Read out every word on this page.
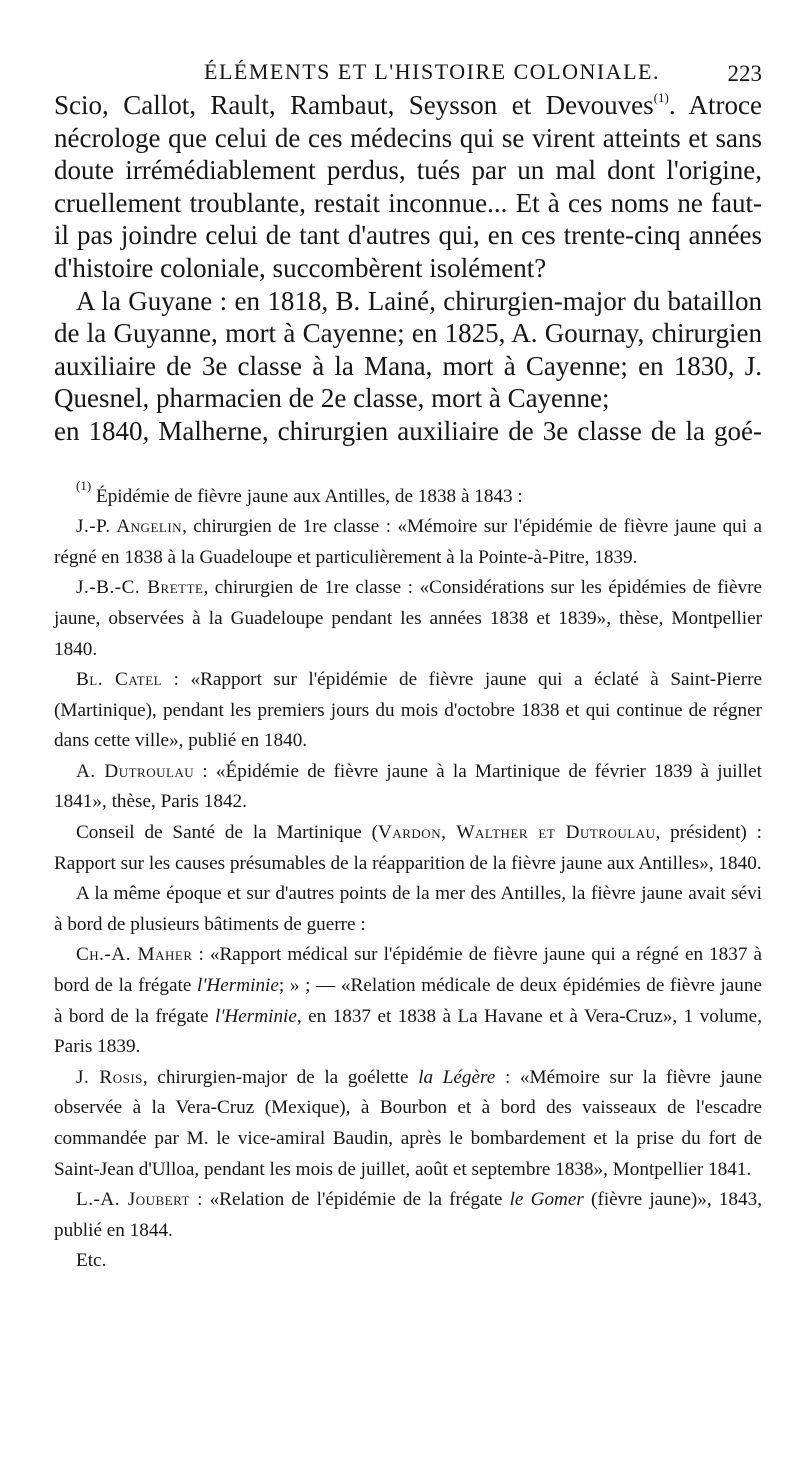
ÉLÉMENTS ET L'HISTOIRE COLONIALE.	223

Scio, Callot, Rault, Rambaut, Seysson et Devouves$^{(1)}$. Atroce nécrologe que celui de ces médecins qui se virent atteints et sans doute irrémédiablement perdus, tués par un mal dont l'origine, cruellement troublante, restait inconnue... Et à ces noms ne faut-il pas joindre celui de tant d'autres qui, en ces trente-cinq années d'histoire coloniale, succombèrent isolément?

A la Guyane : en 1818, B. Lainé, chirurgien-major du bataillon de la Guyanne, mort à Cayenne; en 1825, A. Gournay, chirurgien auxiliaire de 3e classe à la Mana, mort à Cayenne; en 1830, J. Quesnel, pharmacien de 2e classe, mort à Cayenne;

en 1840, Malherne, chirurgien auxiliaire de 3e classe de la goé-

$^{(1)}$ Épidémie de fièvre jaune aux Antilles, de 1838 à 1843 :

J.-P. Angelin, chirurgien de 1re classe : «Mémoire sur l'épidémie de fièvre jaune qui a régné en 1838 à la Guadeloupe et particulièrement à la Pointe-à-Pitre, 1839.

J.-B.-C. Brette, chirurgien de 1re classe : «Considérations sur les épidémies de fièvre jaune, observées à la Guadeloupe pendant les années 1838 et 1839», thèse, Montpellier 1840.

Bl. Catel : «Rapport sur l'épidémie de fièvre jaune qui a éclaté à Saint-Pierre (Martinique), pendant les premiers jours du mois d'octobre 1838 et qui continue de régner dans cette ville», publié en 1840.

A. Dutroulau : «Épidémie de fièvre jaune à la Martinique de février 1839 à juillet 1841», thèse, Paris 1842.

Conseil de Santé de la Martinique (Vardon, Walther et Dutroulau, président) : Rapport sur les causes présumables de la réapparition de la fièvre jaune aux Antilles», 1840.

A la même époque et sur d'autres points de la mer des Antilles, la fièvre jaune avait sévi à bord de plusieurs bâtiments de guerre :

Ch.-A. Maher : «Rapport médical sur l'épidémie de fièvre jaune qui a régné en 1837 à bord de la frégate l'Herminie; » ; — «Relation médicale de deux épidémies de fièvre jaune à bord de la frégate l'Herminie, en 1837 et 1838 à La Havane et à Vera-Cruz», 1 volume, Paris 1839.

J. Rosis, chirurgien-major de la goélette la Légère : «Mémoire sur la fièvre jaune observée à la Vera-Cruz (Mexique), à Bourbon et à bord des vaisseaux de l'escadre commandée par M. le vice-amiral Baudin, après le bombardement et la prise du fort de Saint-Jean d'Ulloa, pendant les mois de juillet, août et septembre 1838», Montpellier 1841.

L.-A. Joubert : «Relation de l'épidémie de la frégate le Gomer (fièvre jaune)», 1843, publié en 1844.

Etc.
